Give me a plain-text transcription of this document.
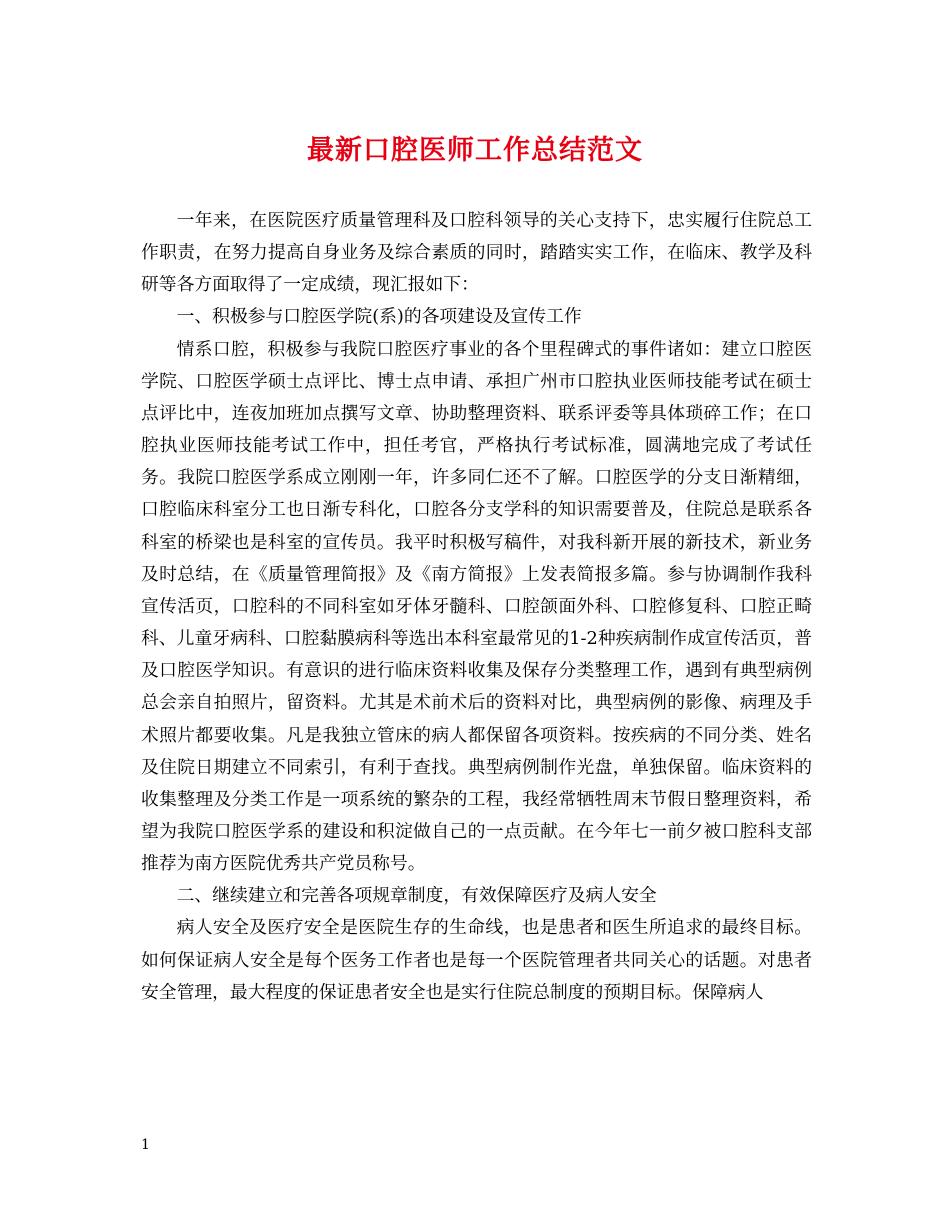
最新口腔医师工作总结范文

一年来，在医院医疗质量管理科及口腔科领导的关心支持下，忠实履行住院总工作职责，在努力提高自身业务及综合素质的同时，踏踏实实工作，在临床、教学及科研等各方面取得了一定成绩，现汇报如下：

一、积极参与口腔医学院(系)的各项建设及宣传工作

情系口腔，积极参与我院口腔医疗事业的各个里程碑式的事件诸如：建立口腔医学院、口腔医学硕士点评比、博士点申请、承担广州市口腔执业医师技能考试在硕士点评比中，连夜加班加点撰写文章、协助整理资料、联系评委等具体琐碎工作；在口腔执业医师技能考试工作中，担任考官，严格执行考试标准，圆满地完成了考试任务。我院口腔医学系成立刚刚一年，许多同仁还不了解。口腔医学的分支日渐精细，口腔临床科室分工也日渐专科化，口腔各分支学科的知识需要普及，住院总是联系各科室的桥梁也是科室的宣传员。我平时积极写稿件，对我科新开展的新技术，新业务及时总结，在《质量管理简报》及《南方简报》上发表简报多篇。参与协调制作我科宣传活页，口腔科的不同科室如牙体牙髓科、口腔颌面外科、口腔修复科、口腔正畸科、儿童牙病科、口腔黏膜病科等选出本科室最常见的1-2种疾病制作成宣传活页，普及口腔医学知识。有意识的进行临床资料收集及保存分类整理工作，遇到有典型病例总会亲自拍照片，留资料。尤其是术前术后的资料对比，典型病例的影像、病理及手术照片都要收集。凡是我独立管床的病人都保留各项资料。按疾病的不同分类、姓名及住院日期建立不同索引，有利于查找。典型病例制作光盘，单独保留。临床资料的收集整理及分类工作是一项系统的繁杂的工程，我经常牺牲周末节假日整理资料，希望为我院口腔医学系的建设和积淀做自己的一点贡献。在今年七一前夕被口腔科支部推荐为南方医院优秀共产党员称号。

二、继续建立和完善各项规章制度，有效保障医疗及病人安全

病人安全及医疗安全是医院生存的生命线，也是患者和医生所追求的最终目标。如何保证病人安全是每个医务工作者也是每一个医院管理者共同关心的话题。对患者安全管理，最大程度的保证患者安全也是实行住院总制度的预期目标。保障病人

1
